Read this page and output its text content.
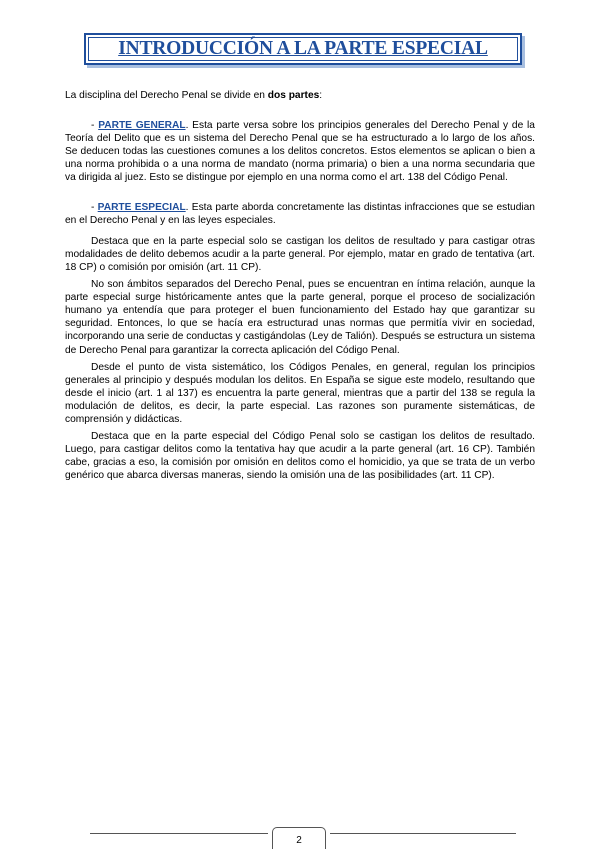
INTRODUCCIÓN A LA PARTE ESPECIAL

La disciplina del Derecho Penal se divide en dos partes:

- PARTE GENERAL. Esta parte versa sobre los principios generales del Derecho Penal y de la Teoría del Delito que es un sistema del Derecho Penal que se ha estructurado a lo largo de los años. Se deducen todas las cuestiones comunes a los delitos concretos. Estos elementos se aplican o bien a una norma prohibida o a una norma de mandato (norma primaria) o bien a una norma secundaria que va dirigida al juez. Esto se distingue por ejemplo en una norma como el art. 138 del Código Penal.

- PARTE ESPECIAL. Esta parte aborda concretamente las distintas infracciones que se estudian en el Derecho Penal y en las leyes especiales.

Destaca que en la parte especial solo se castigan los delitos de resultado y para castigar otras modalidades de delito debemos acudir a la parte general. Por ejemplo, matar en grado de tentativa (art. 18 CP) o comisión por omisión (art. 11 CP).

No son ámbitos separados del Derecho Penal, pues se encuentran en íntima relación, aunque la parte especial surge históricamente antes que la parte general, porque el proceso de socialización humano ya entendía que para proteger el buen funcionamiento del Estado hay que garantizar su seguridad. Entonces, lo que se hacía era estructurad unas normas que permitía vivir en sociedad, incorporando una serie de conductas y castigándolas (Ley de Talión). Después se estructura un sistema de Derecho Penal para garantizar la correcta aplicación del Código Penal.

Desde el punto de vista sistemático, los Códigos Penales, en general, regulan los principios generales al principio y después modulan los delitos. En España se sigue este modelo, resultando que desde el inicio (art. 1 al 137) es encuentra la parte general, mientras que a partir del 138 se regula la modulación de delitos, es decir, la parte especial. Las razones son puramente sistemáticas, de comprensión y didácticas.

Destaca que en la parte especial del Código Penal solo se castigan los delitos de resultado. Luego, para castigar delitos como la tentativa hay que acudir a la parte general (art. 16 CP). También cabe, gracias a eso, la comisión por omisión en delitos como el homicidio, ya que se trata de un verbo genérico que abarca diversas maneras, siendo la omisión una de las posibilidades (art. 11 CP).

2
